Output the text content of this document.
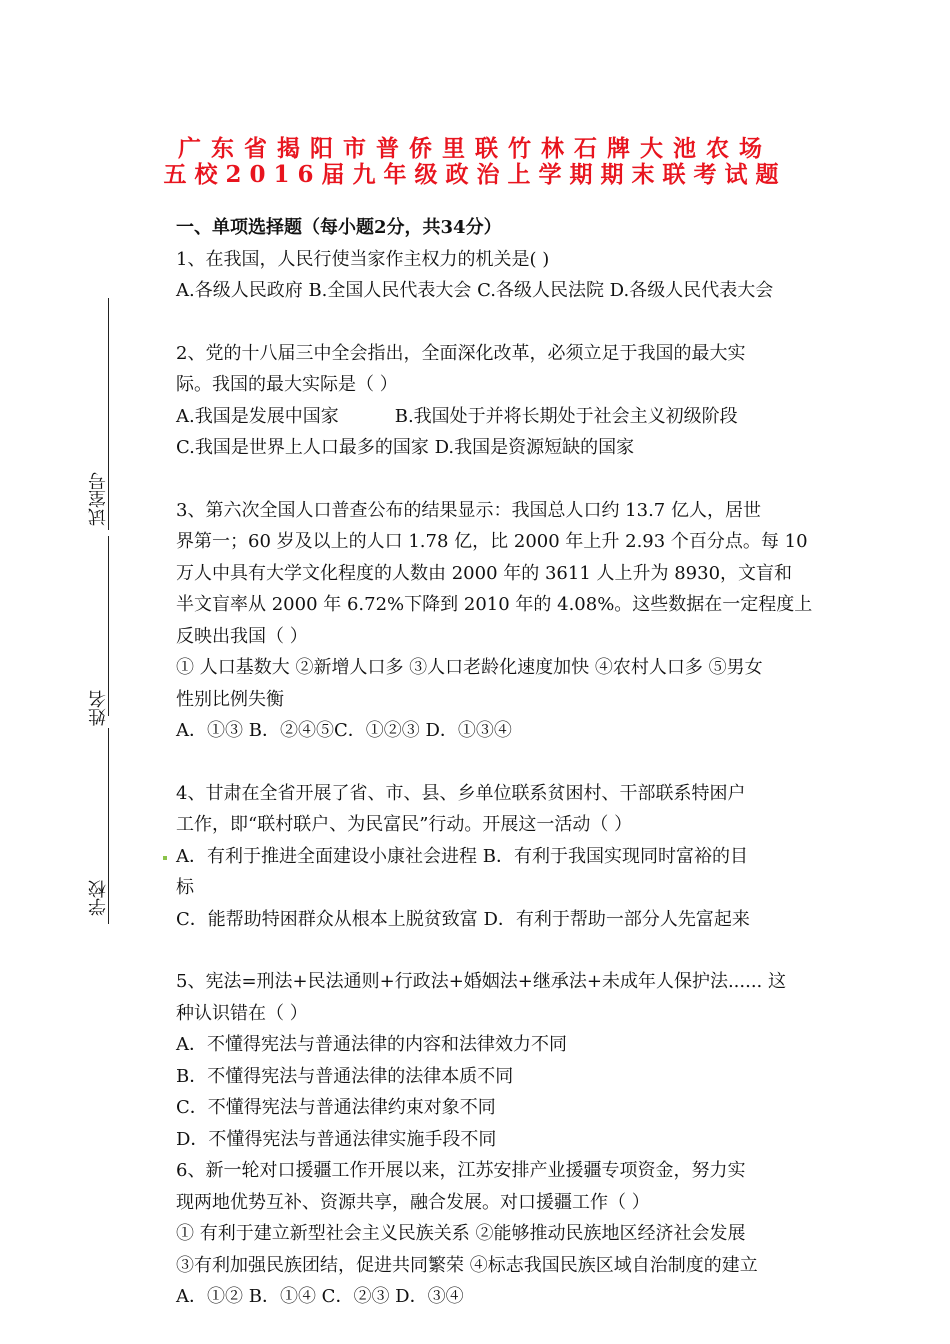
试室号
姓名
学校
广东省揭阳市普侨里联竹林石牌大池农场
五校2016届九年级政治上学期期末联考试题

一、单项选择题（每小题2分，共34分）

1、在我国，人民行使当家作主权力的机关是( )

A.各级人民政府 B.全国人民代表大会 C.各级人民法院 D.各级人民代表大会

2、党的十八届三中全会指出，全面深化改革，必须立足于我国的最大实

际。我国的最大实际是（ ）

A.我国是发展中国家	B.我国处于并将长期处于社会主义初级阶段

C.我国是世界上人口最多的国家 D.我国是资源短缺的国家

3、第六次全国人口普查公布的结果显示：我国总人口约 13.7 亿人，居世

界第一；60 岁及以上的人口 1.78 亿，比 2000 年上升 2.93 个百分点。每 10

万人中具有大学文化程度的人数由 2000 年的 3611 人上升为 8930，文盲和

半文盲率从 2000 年 6.72%下降到 2010 年的 4.08%。这些数据在一定程度上

反映出我国（ ）

① 人口基数大 ②新增人口多 ③人口老龄化速度加快 ④农村人口多 ⑤男女

性别比例失衡

A．①③ B．②④⑤C．①②③ D．①③④

4、甘肃在全省开展了省、市、县、乡单位联系贫困村、干部联系特困户

工作，即“联村联户、为民富民”行动。开展这一活动（ ）

A．有利于推进全面建设小康社会进程 B．有利于我国实现同时富裕的目

标

C．能帮助特困群众从根本上脱贫致富 D．有利于帮助一部分人先富起来

5、宪法=刑法+民法通则+行政法+婚姻法+继承法+未成年人保护法...... 这

种认识错在（ ）

A．不懂得宪法与普通法律的内容和法律效力不同

B．不懂得宪法与普通法律的法律本质不同

C．不懂得宪法与普通法律约束对象不同

D．不懂得宪法与普通法律实施手段不同

6、新一轮对口援疆工作开展以来，江苏安排产业援疆专项资金，努力实

现两地优势互补、资源共享，融合发展。对口援疆工作（ ）

① 有利于建立新型社会主义民族关系 ②能够推动民族地区经济社会发展

③有利加强民族团结，促进共同繁荣 ④标志我国民族区域自治制度的建立

A．①② B．①④ C．②③ D．③④
